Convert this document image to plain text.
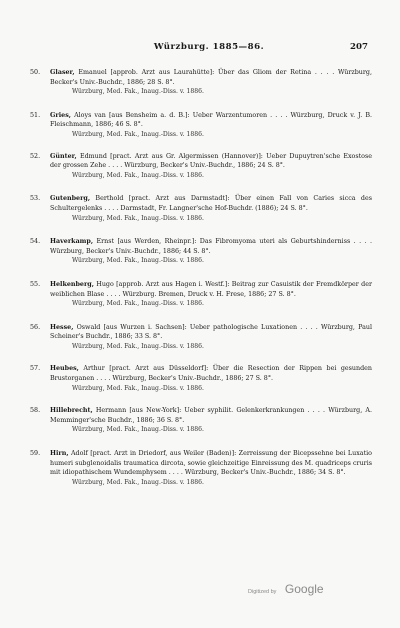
Würzburg. 1885—86.	207
50. Glaser, Emanuel [approb. Arzt aus Laurahütte]: Über das Gliom der Retina . . . . Würzburg, Becker's Univ.-Buchdr., 1886; 28 S. 8°.
Würzburg, Med. Fak., Inaug.-Diss. v. 1886.
51. Gries, Aloys van [aus Bensheim a. d. B.]: Ueber Warzentumoren . . . . Würzburg, Druck v. J. B. Fleischmann, 1886; 46 S. 8°.
Würzburg, Med. Fak., Inaug.-Diss. v. 1886.
52. Günter, Edmund [pract. Arzt aus Gr. Algermissen (Hannover)]: Ueber Dupuytren'sche Exostose der grossen Zehe . . . . Würzburg, Becker's Univ.-Buchdr., 1886; 24 S. 8°.
Würzburg, Med. Fak., Inaug.-Diss. v. 1886.
53. Gutenberg, Berthold [pract. Arzt aus Darmstadt]: Über einen Fall von Caries sicca des Schultergelenks . . . . Darmstadt, Fr. Langner'sche Hof-Buchdr. (1886); 24 S. 8°.
Würzburg, Med. Fak., Inaug.-Diss. v. 1886.
54. Haverkamp, Ernst [aus Werden, Rheinpr.]: Das Fibromyoma uteri als Geburtshinderniss . . . . Würzburg, Becker's Univ.-Buchdr., 1886; 44 S. 8°.
Würzburg, Med. Fak., Inaug.-Diss. v. 1886.
55. Helkenberg, Hugo [approb. Arzt aus Hagen i. Westf.]: Beitrag zur Casuistik der Fremdkörper der weiblichen Blase . . . . Würzburg. Bremen, Druck v. H. Frese, 1886; 27 S. 8°.
Würzburg, Med. Fak., Inaug.-Diss. v. 1886.
56. Hesse, Oswald [aus Wurzen i. Sachsen]: Ueber pathologische Luxationen . . . . Würzburg, Paul Scheiner's Buchdr., 1886; 33 S. 8°.
Würzburg, Med. Fak., Inaug.-Diss. v. 1886.
57. Heubes, Arthur [pract. Arzt aus Düsseldorf]: Über die Resection der Rippen bei gesunden Brustorganen . . . . Würzburg, Becker's Univ.-Buchdr., 1886; 27 S. 8°.
Würzburg, Med. Fak., Inaug.-Diss. v. 1886.
58. Hillebrecht, Hermann [aus New-York]: Ueber syphilit. Gelenkerkrankungen . . . . Würzburg, A. Memminger'sche Buchdr., 1886; 36 S. 8°.
Würzburg, Med. Fak., Inaug.-Diss. v. 1886.
59. Hirn, Adolf [pract. Arzt in Driedorf, aus Weiler (Baden)]: Zerreissung der Bicepssehne bei Luxatio humeri subglenoidalis traumatica dircota, sowie gleichzeitige Einreissung des M. quadriceps cruris mit idiopathischem Wundemphysem . . . . Würzburg, Becker's Univ.-Buchdr., 1886; 34 S. 8°.
Würzburg, Med. Fak., Inaug.-Diss. v. 1886.
Digitized by Google
